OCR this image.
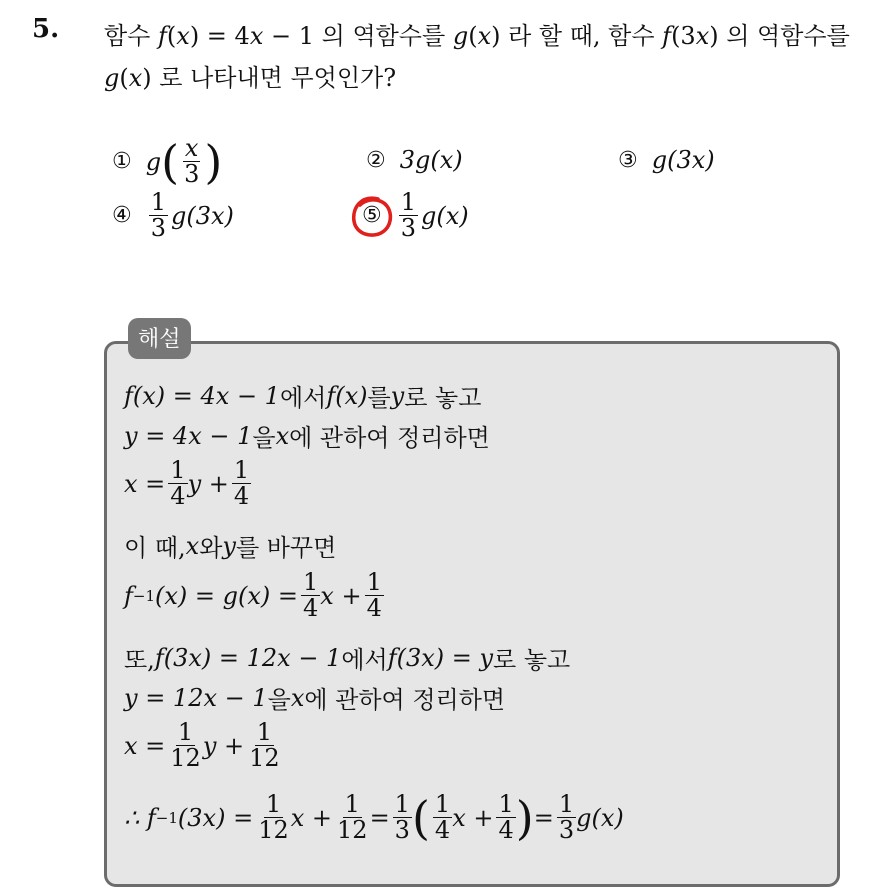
5. 함수 f(x) = 4x − 1 의 역함수를 g(x) 라 할 때, 함수 f(3x) 의 역함수를
g(x) 로 나타내면 무엇인가?
① g ( $\frac{x}{3}$ )	② 3g(x)	③ g(3x)
④ $\frac{1}{3} g(3x)$	⑤ $\frac{1}{3} g(x)$
해설
f(x) = 4x − 1 에서 f(x) 를 y 로 놓고
y = 4x − 1 을 x 에 관하여 정리하면
$x = \frac{1}{4}$ $y + \frac{1}{4}$
이 때, x 와 y 를 바꾸면
f −1 $(x) = g(x) = \frac{1}{4}$ $x + \frac{1}{4}$
또, f(3x) = 12x − 1 에서 f(3x) = y 로 놓고
y = 12x − 1 을 x 에 관하여 정리하면
$x = \frac{1}{12}$ $y + \frac{1}{12}$
∴ f −1 $(3x) = \frac{1}{12}$ $x + \frac{1}{12} = \frac{1}{3}$ ( $\frac{1}{4}$ $x + \frac{1}{4}$ ) = $\frac{1}{3} g(x)$
